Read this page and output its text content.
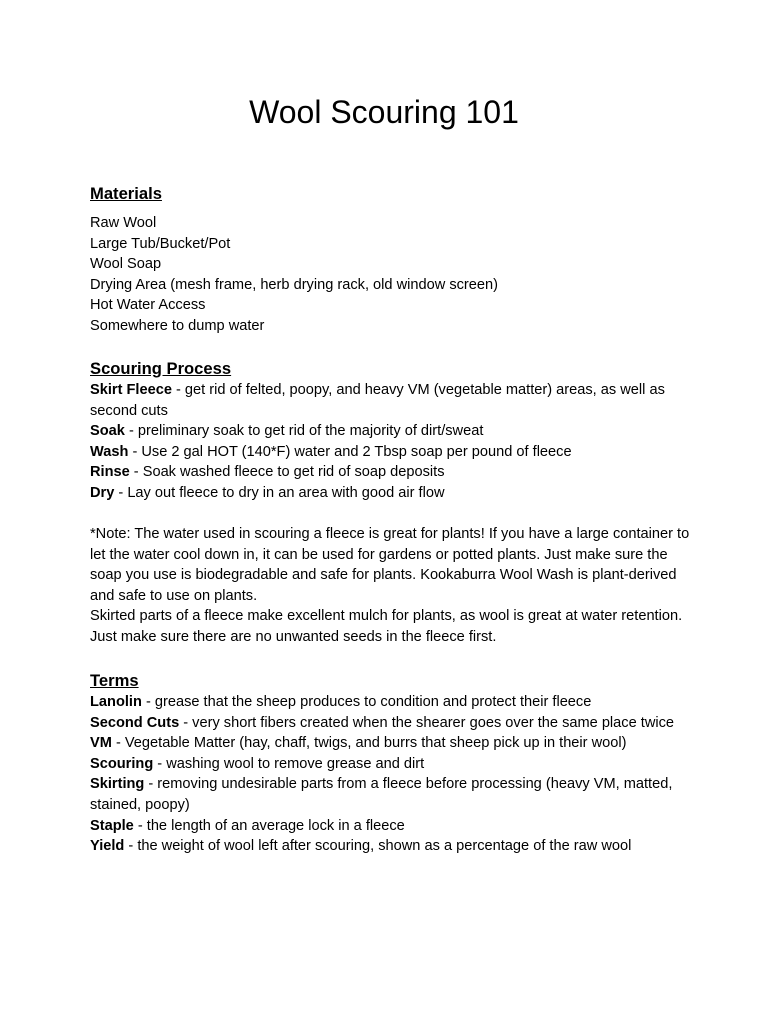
Wool Scouring 101
Materials
Raw Wool
Large Tub/Bucket/Pot
Wool Soap
Drying Area (mesh frame, herb drying rack, old window screen)
Hot Water Access
Somewhere to dump water
Scouring Process
Skirt Fleece - get rid of felted, poopy, and heavy VM (vegetable matter) areas, as well as second cuts
Soak - preliminary soak to get rid of the majority of dirt/sweat
Wash - Use 2 gal HOT (140*F) water and 2 Tbsp soap per pound of fleece
Rinse - Soak washed fleece to get rid of soap deposits
Dry - Lay out fleece to dry in an area with good air flow

*Note: The water used in scouring a fleece is great for plants! If you have a large container to let the water cool down in, it can be used for gardens or potted plants. Just make sure the soap you use is biodegradable and safe for plants. Kookaburra Wool Wash is plant-derived and safe to use on plants.

Skirted parts of a fleece make excellent mulch for plants, as wool is great at water retention. Just make sure there are no unwanted seeds in the fleece first.

Terms
Lanolin - grease that the sheep produces to condition and protect their fleece
Second Cuts - very short fibers created when the shearer goes over the same place twice
VM - Vegetable Matter (hay, chaff, twigs, and burrs that sheep pick up in their wool)
Scouring - washing wool to remove grease and dirt
Skirting - removing undesirable parts from a fleece before processing (heavy VM, matted, stained, poopy)
Staple - the length of an average lock in a fleece
Yield - the weight of wool left after scouring, shown as a percentage of the raw wool
